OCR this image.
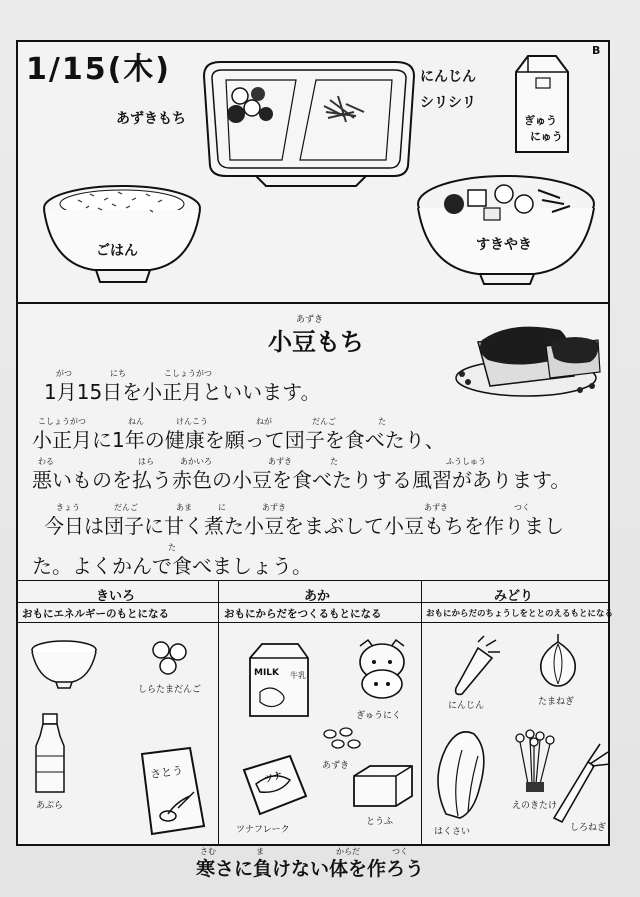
1/15(木)
B
あずきもち
にんじん
シリシリ
ぎゅう
にゅう
ごはん	すきやき
あずき
小豆もち
がつ	にち	こしょうがつ
1月15日を小正月といいます。
こしょうがつ	ねん	けんこう	ねが	だんご	た
小正月に1年の健康を願って団子を食べたり、
わる	はら	あかいろ	あずき	た	ふうしゅう
悪いものを払う赤色の小豆を食べたりする風習があります。
きょう	だんご	あま	に	あずき	あずき	つく
今日は団子に甘く煮た小豆をまぶして小豆もちを作りまし
た
た。よくかんで食べましょう。
きいろ	あか	みどり
おもにエネルギーのもとになる	おもにからだをつくるもとになる	おもにからだのちょうしをととのえるもとになる
しらたまだんご
あぶら
さとう
MILK 牛乳
ぎゅうにく
あずき
ツナ
ツナフレーク
とうふ
にんじん	たまねぎ
はくさい
えのきたけ
しろねぎ
さむ	ま	からだ	つく
寒さに負けない体を作ろう
